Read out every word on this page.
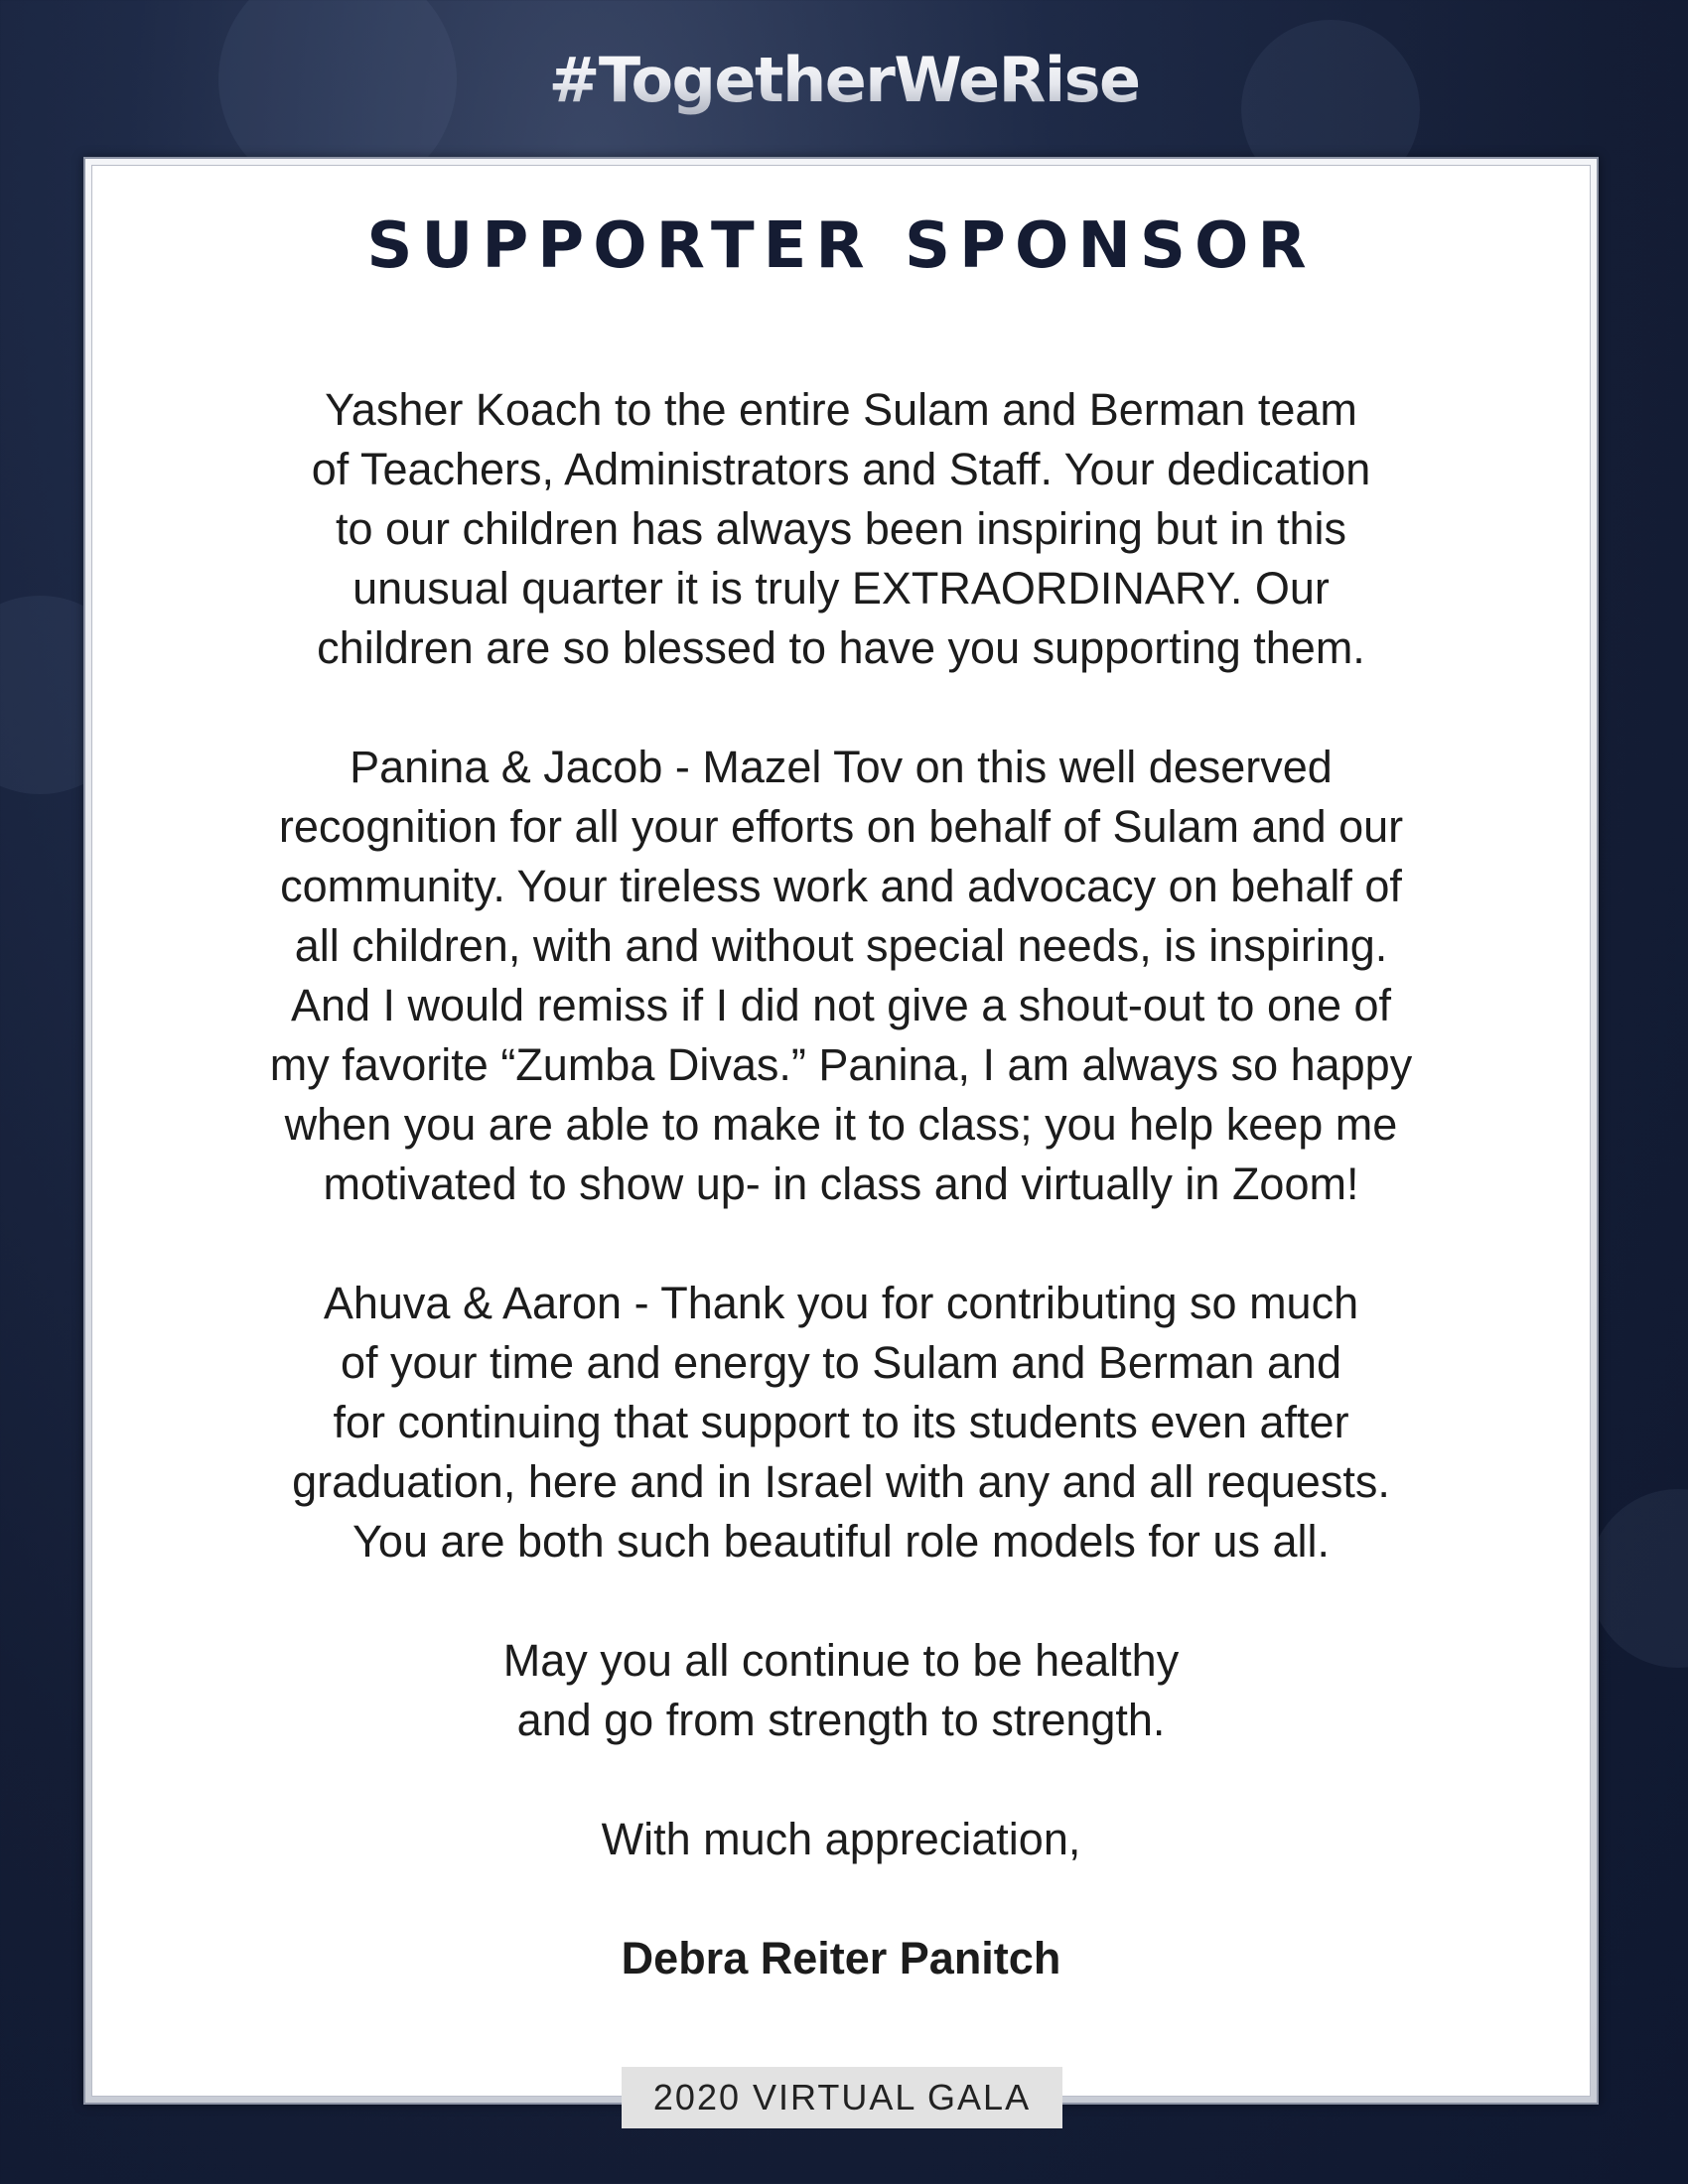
#TogetherWeRise
SUPPORTER SPONSOR
Yasher Koach to the entire Sulam and Berman team
of Teachers, Administrators and Staff. Your dedication
to our children has always been inspiring but in this
unusual quarter it is truly EXTRAORDINARY. Our
children are so blessed to have you supporting them.
Panina & Jacob - Mazel Tov on this well deserved
recognition for all your efforts on behalf of Sulam and our
community. Your tireless work and advocacy on behalf of
all children, with and without special needs, is inspiring.
And I would remiss if I did not give a shout-out to one of
my favorite “Zumba Divas.” Panina, I am always so happy
when you are able to make it to class; you help keep me
motivated to show up- in class and virtually in Zoom!
Ahuva & Aaron - Thank you for contributing so much
of your time and energy to Sulam and Berman and
for continuing that support to its students even after
graduation, here and in Israel with any and all requests.
You are both such beautiful role models for us all.
May you all continue to be healthy
and go from strength to strength.
With much appreciation,
Debra Reiter Panitch
2020 VIRTUAL GALA
